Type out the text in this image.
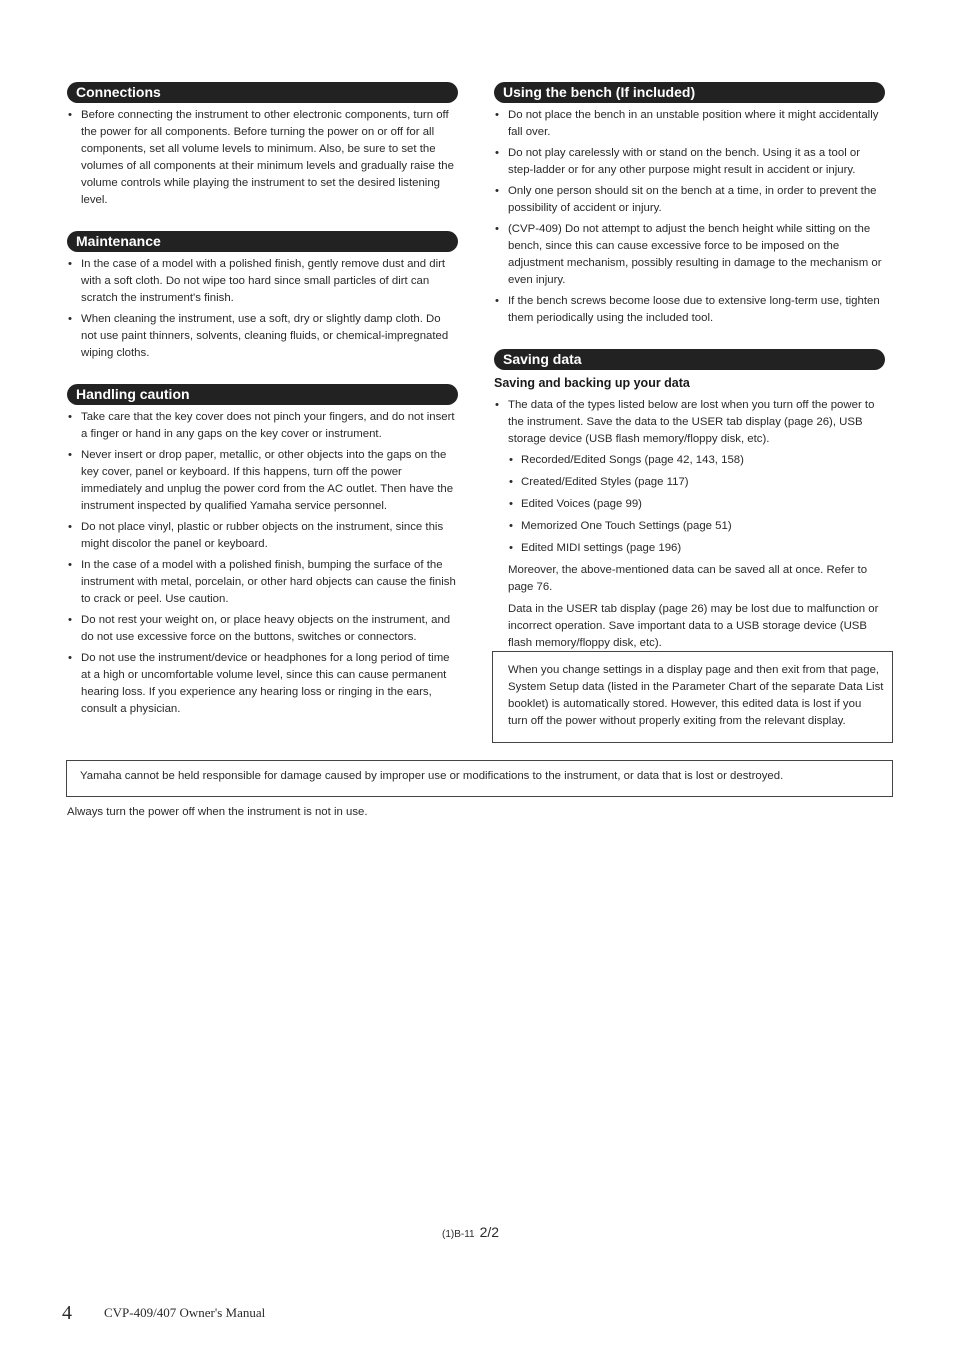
Connections
• Before connecting the instrument to other electronic components, turn off the power for all components. Before turning the power on or off for all components, set all volume levels to minimum. Also, be sure to set the volumes of all components at their minimum levels and gradually raise the volume controls while playing the instrument to set the desired listening level.
Maintenance
• In the case of a model with a polished finish, gently remove dust and dirt with a soft cloth. Do not wipe too hard since small particles of dirt can scratch the instrument's finish.
• When cleaning the instrument, use a soft, dry or slightly damp cloth. Do not use paint thinners, solvents, cleaning fluids, or chemical-impregnated wiping cloths.
Handling caution
• Take care that the key cover does not pinch your fingers, and do not insert a finger or hand in any gaps on the key cover or instrument.
• Never insert or drop paper, metallic, or other objects into the gaps on the key cover, panel or keyboard. If this happens, turn off the power immediately and unplug the power cord from the AC outlet. Then have the instrument inspected by qualified Yamaha service personnel.
• Do not place vinyl, plastic or rubber objects on the instrument, since this might discolor the panel or keyboard.
• In the case of a model with a polished finish, bumping the surface of the instrument with metal, porcelain, or other hard objects can cause the finish to crack or peel. Use caution.
• Do not rest your weight on, or place heavy objects on the instrument, and do not use excessive force on the buttons, switches or connectors.
• Do not use the instrument/device or headphones for a long period of time at a high or uncomfortable volume level, since this can cause permanent hearing loss. If you experience any hearing loss or ringing in the ears, consult a physician.
Using the bench (If included)
• Do not place the bench in an unstable position where it might accidentally fall over.
• Do not play carelessly with or stand on the bench. Using it as a tool or step-ladder or for any other purpose might result in accident or injury.
• Only one person should sit on the bench at a time, in order to prevent the possibility of accident or injury.
• (CVP-409) Do not attempt to adjust the bench height while sitting on the bench, since this can cause excessive force to be imposed on the adjustment mechanism, possibly resulting in damage to the mechanism or even injury.
• If the bench screws become loose due to extensive long-term use, tighten them periodically using the included tool.
Saving data
Saving and backing up your data
• The data of the types listed below are lost when you turn off the power to the instrument. Save the data to the USER tab display (page 26), USB storage device (USB flash memory/floppy disk, etc).
• Recorded/Edited Songs (page 42, 143, 158)
• Created/Edited Styles (page 117)
• Edited Voices (page 99)
• Memorized One Touch Settings (page 51)
• Edited MIDI settings (page 196)
Moreover, the above-mentioned data can be saved all at once. Refer to page 76.
Data in the USER tab display (page 26) may be lost due to malfunction or incorrect operation. Save important data to a USB storage device (USB flash memory/floppy disk, etc).
When you change settings in a display page and then exit from that page, System Setup data (listed in the Parameter Chart of the separate Data List booklet) is automatically stored. However, this edited data is lost if you turn off the power without properly exiting from the relevant display.
Yamaha cannot be held responsible for damage caused by improper use or modifications to the instrument, or data that is lost or destroyed.
Always turn the power off when the instrument is not in use.
(1)B-11 2/2
4 CVP-409/407 Owner's Manual
